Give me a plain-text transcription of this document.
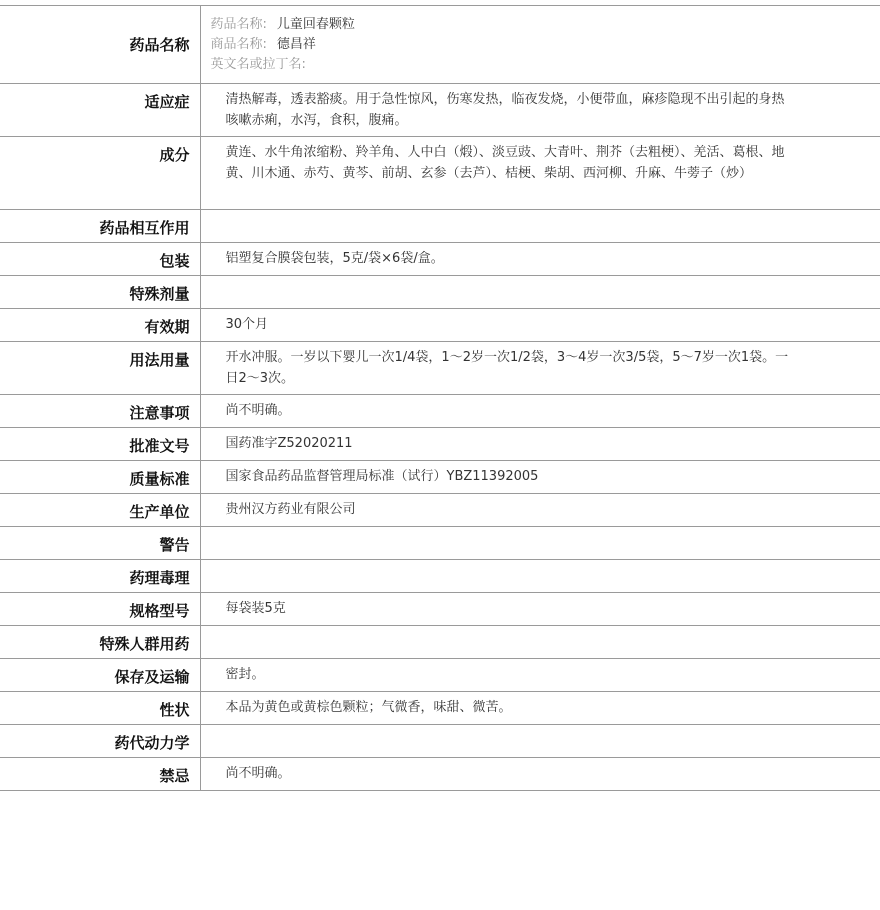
药品名称	药品名称: 儿童回春颗粒
商品名称: 德昌祥
英文名或拉丁名:

适应症	清热解毒，透表豁痰。用于急性惊风，伤寒发热，临夜发烧，小便带血，麻疹隐现不出引起的身热咳嗽赤痢，水泻，食积，腹痛。
成分	黄连、水牛角浓缩粉、羚羊角、人中白（煅）、淡豆豉、大青叶、荆芥（去粗梗）、羌活、葛根、地黄、川木通、赤芍、黄芩、前胡、玄参（去芦）、桔梗、柴胡、西河柳、升麻、牛蒡子（炒）
药品相互作用	
包装	铝塑复合膜袋包装，5克/袋×6袋/盒。
特殊剂量	
有效期	30个月
用法用量	开水冲服。一岁以下婴儿一次1/4袋，1～2岁一次1/2袋，3～4岁一次3/5袋，5～7岁一次1袋。一日2～3次。
注意事项	尚不明确。
批准文号	国药准字Z52020211
质量标准	国家食品药品监督管理局标准（试行）YBZ11392005
生产单位	贵州汉方药业有限公司
警告	
药理毒理	
规格型号	每袋装5克
特殊人群用药	
保存及运输	密封。
性状	本品为黄色或黄棕色颗粒；气微香，味甜、微苦。
药代动力学	
禁忌	尚不明确。
